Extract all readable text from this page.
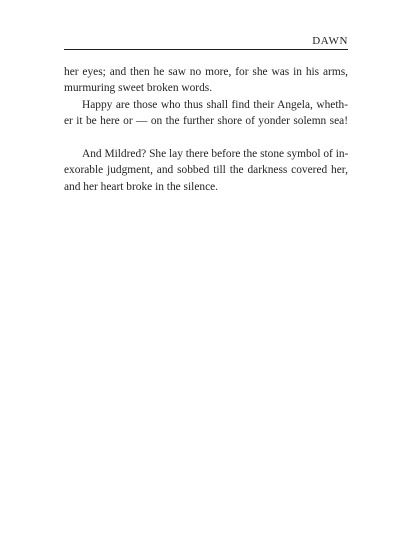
DAWN
her eyes; and then he saw no more, for she was in his arms,
murmuring sweet broken words.
Happy are those who thus shall find their Angela, wheth-
er it be here or — on the further shore of yonder solemn sea!
And Mildred? She lay there before the stone symbol of in-
exorable judgment, and sobbed till the darkness covered her,
and her heart broke in the silence.
